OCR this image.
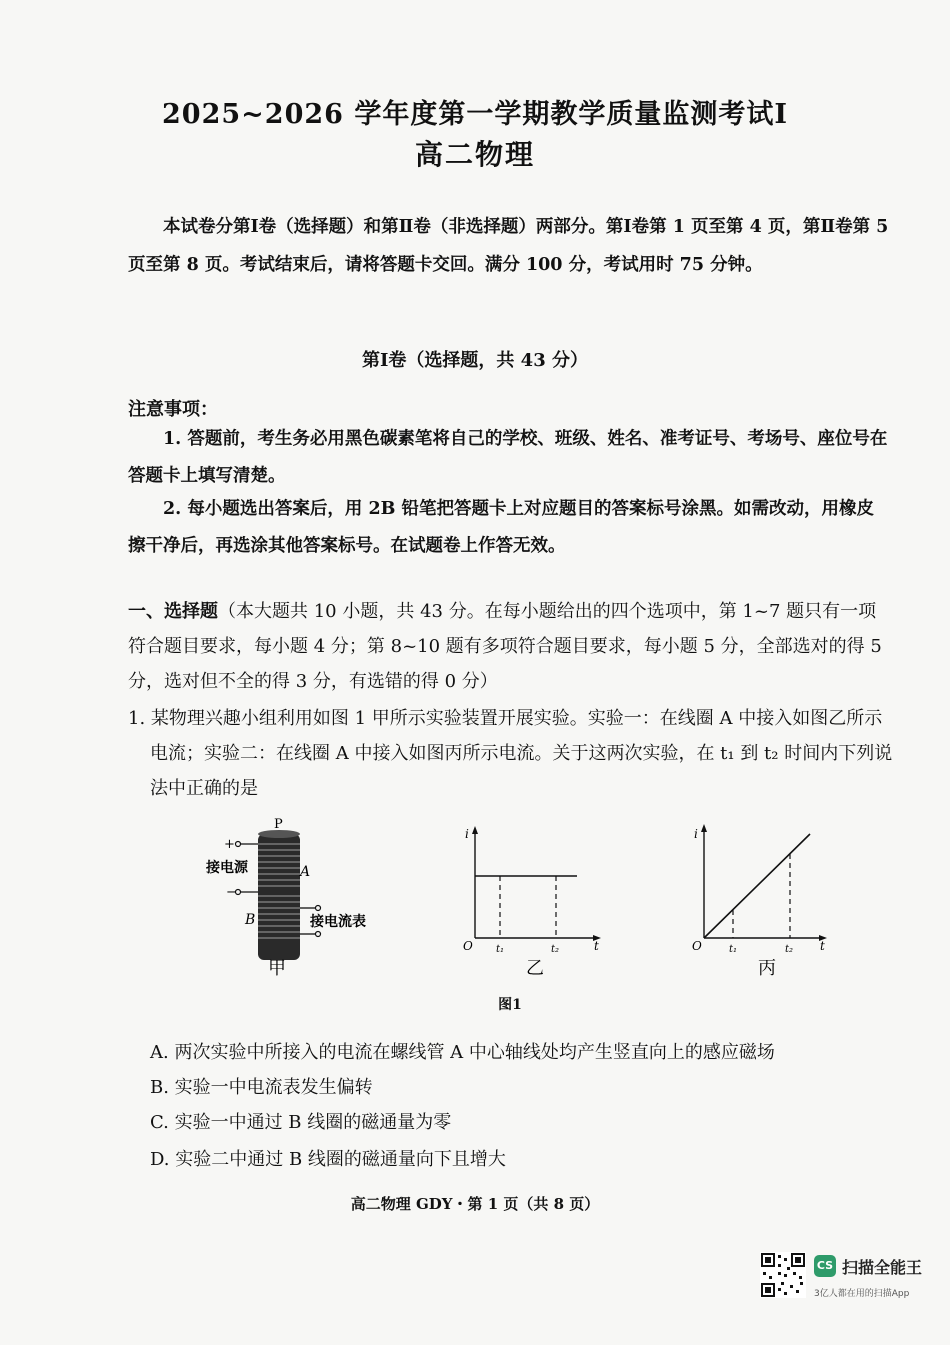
2025~2026 学年度第一学期教学质量监测考试Ⅰ
高二物理
本试卷分第Ⅰ卷（选择题）和第Ⅱ卷（非选择题）两部分。第Ⅰ卷第 1 页至第 4 页，第Ⅱ卷第 5 页至第 8 页。考试结束后，请将答题卡交回。满分 100 分，考试用时 75 分钟。
第Ⅰ卷（选择题，共 43 分）
注意事项：
1. 答题前，考生务必用黑色碳素笔将自己的学校、班级、姓名、准考证号、考场号、座位号在答题卡上填写清楚。
2. 每小题选出答案后，用 2B 铅笔把答题卡上对应题目的答案标号涂黑。如需改动，用橡皮擦干净后，再选涂其他答案标号。在试题卷上作答无效。
一、选择题（本大题共 10 小题，共 43 分。在每小题给出的四个选项中，第 1~7 题只有一项符合题目要求，每小题 4 分；第 8~10 题有多项符合题目要求，每小题 5 分，全部选对的得 5 分，选对但不全的得 3 分，有选错的得 0 分）
1. 某物理兴趣小组利用如图 1 甲所示实验装置开展实验。实验一：在线圈 A 中接入如图乙所示电流；实验二：在线圈 A 中接入如图丙所示电流。关于这两次实验，在 t₁ 到 t₂ 时间内下列说法中正确的是
P
+
−
接电源	A
B	接电流表
甲
i
O	t
t₁	t₂
乙
i
O	t
t₁	t₂
丙
图1
A. 两次实验中所接入的电流在螺线管 A 中心轴线处均产生竖直向上的感应磁场
B. 实验一中电流表发生偏转
C. 实验一中通过 B 线圈的磁通量为零
D. 实验二中通过 B 线圈的磁通量向下且增大
高二物理 GDY・第 1 页（共 8 页）
CS 扫描全能王
3亿人都在用的扫描App
